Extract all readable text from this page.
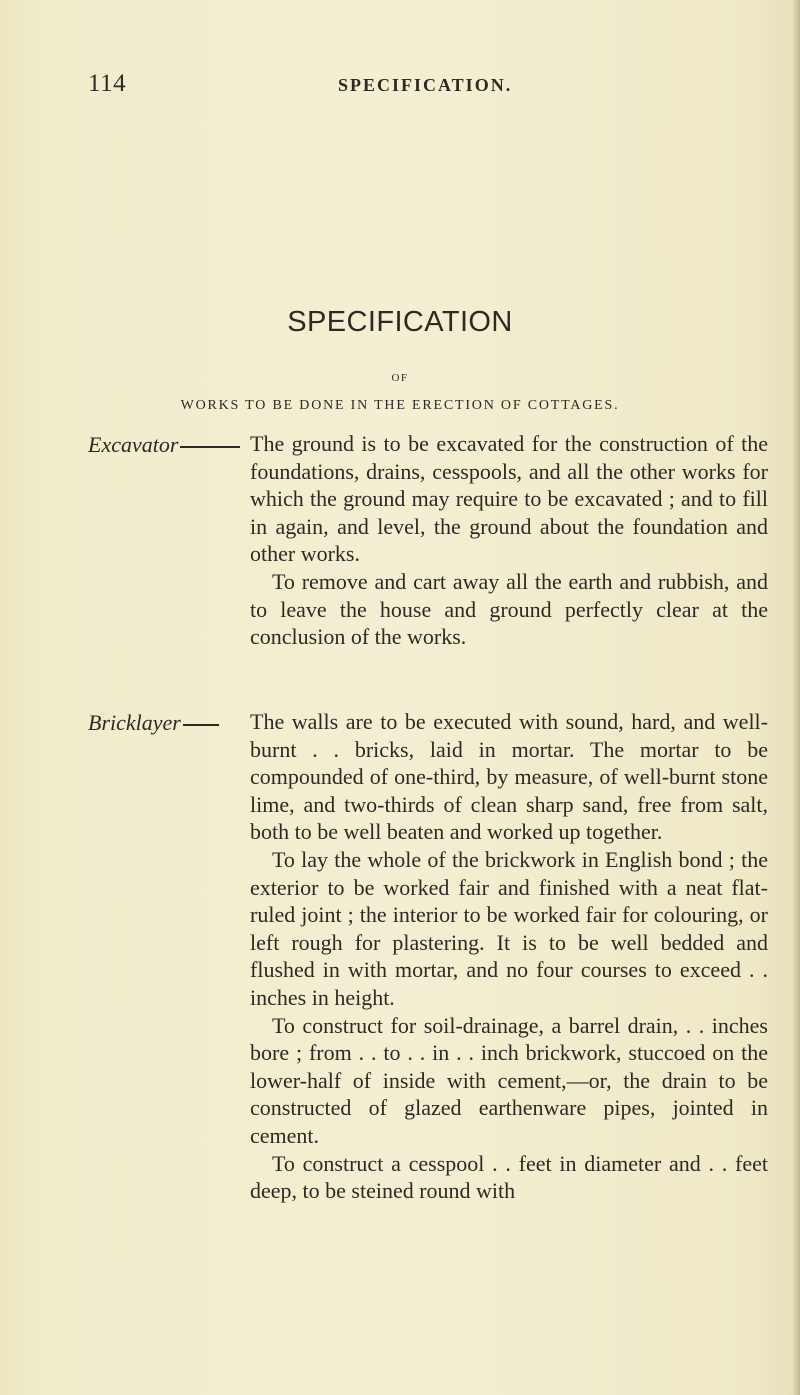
114	SPECIFICATION.
SPECIFICATION
OF
WORKS TO BE DONE IN THE ERECTION OF COTTAGES.
Excavator	The ground is to be excavated for the construction of the foundations, drains, cesspools, and all the other works for which the ground may require to be excavated ; and to fill in again, and level, the ground about the foundation and other works.

To remove and cart away all the earth and rubbish, and to leave the house and ground perfectly clear at the conclusion of the works.

Bricklayer	The walls are to be executed with sound, hard, and well-burnt . . bricks, laid in mortar. The mortar to be compounded of one-third, by measure, of well-burnt stone lime, and two-thirds of clean sharp sand, free from salt, both to be well beaten and worked up together.

To lay the whole of the brickwork in English bond ; the exterior to be worked fair and finished with a neat flat-ruled joint ; the interior to be worked fair for colouring, or left rough for plastering. It is to be well bedded and flushed in with mortar, and no four courses to exceed . . inches in height.

To construct for soil-drainage, a barrel drain, . . inches bore ; from . . to . . in . . inch brickwork, stuccoed on the lower-half of inside with cement,—or, the drain to be constructed of glazed earthenware pipes, jointed in cement.

To construct a cesspool . . feet in diameter and . . feet deep, to be steined round with
